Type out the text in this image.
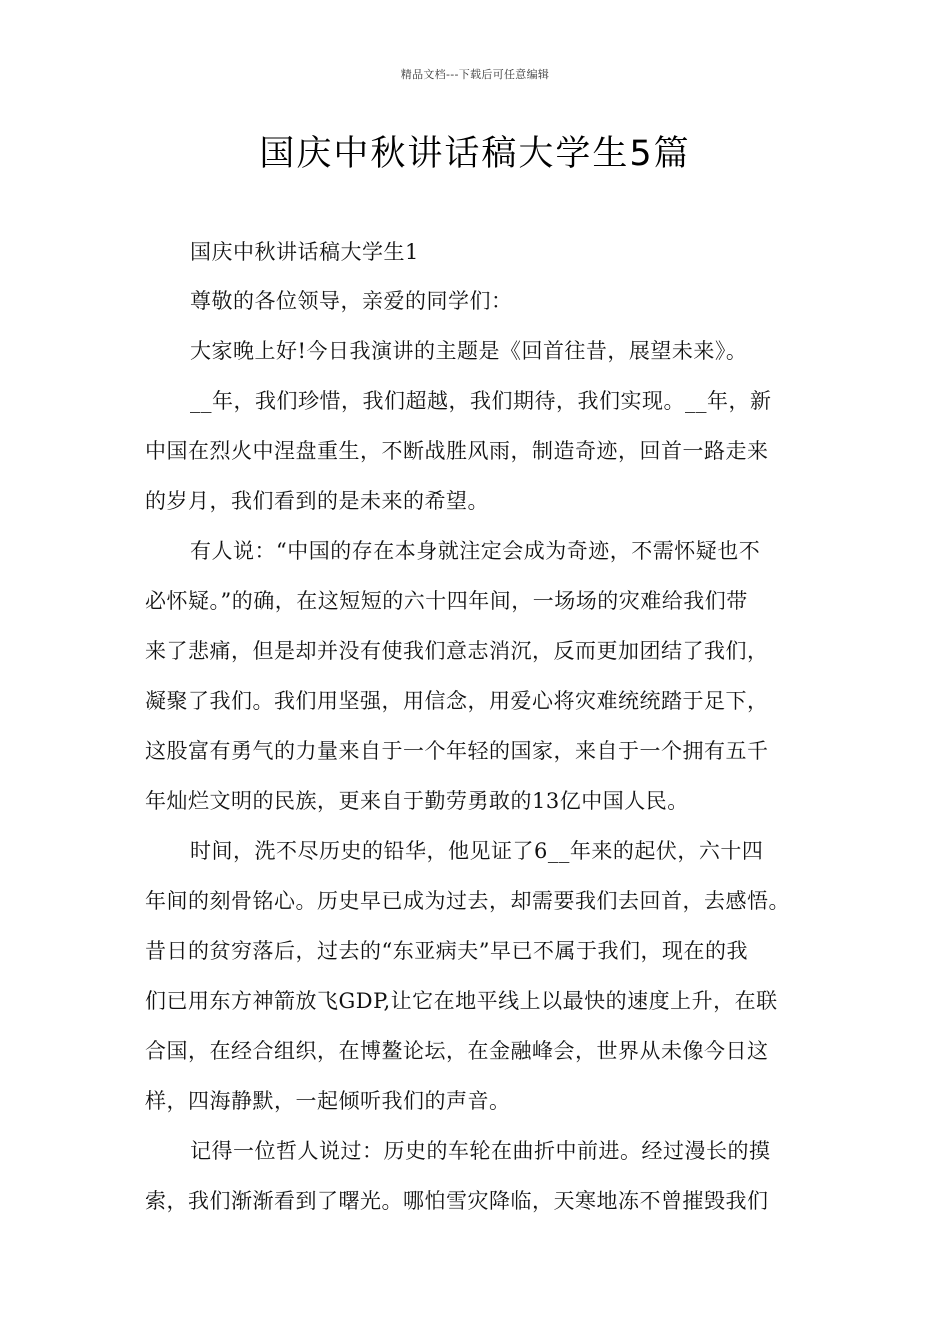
精品文档---下载后可任意编辑
国庆中秋讲话稿大学生5篇
国庆中秋讲话稿大学生1
尊敬的各位领导，亲爱的同学们：
大家晚上好!今日我演讲的主题是《回首往昔，展望未来》。
__年，我们珍惜，我们超越，我们期待，我们实现。__年，新
中国在烈火中涅盘重生，不断战胜风雨，制造奇迹，回首一路走来
的岁月，我们看到的是未来的希望。
有人说：“中国的存在本身就注定会成为奇迹，不需怀疑也不
必怀疑。”的确，在这短短的六十四年间，一场场的灾难给我们带
来了悲痛，但是却并没有使我们意志消沉，反而更加团结了我们，
凝聚了我们。我们用坚强，用信念，用爱心将灾难统统踏于足下，
这股富有勇气的力量来自于一个年轻的国家，来自于一个拥有五千
年灿烂文明的民族，更来自于勤劳勇敢的13亿中国人民。
时间，洗不尽历史的铅华，他见证了6__年来的起伏，六十四
年间的刻骨铭心。历史早已成为过去，却需要我们去回首，去感悟。
昔日的贫穷落后，过去的“东亚病夫”早已不属于我们，现在的我
们已用东方神箭放飞GDP,让它在地平线上以最快的速度上升，在联
合国，在经合组织，在博鳌论坛，在金融峰会，世界从未像今日这
样，四海静默，一起倾听我们的声音。
记得一位哲人说过：历史的车轮在曲折中前进。经过漫长的摸
索，我们渐渐看到了曙光。哪怕雪灾降临，天寒地冻不曾摧毁我们
